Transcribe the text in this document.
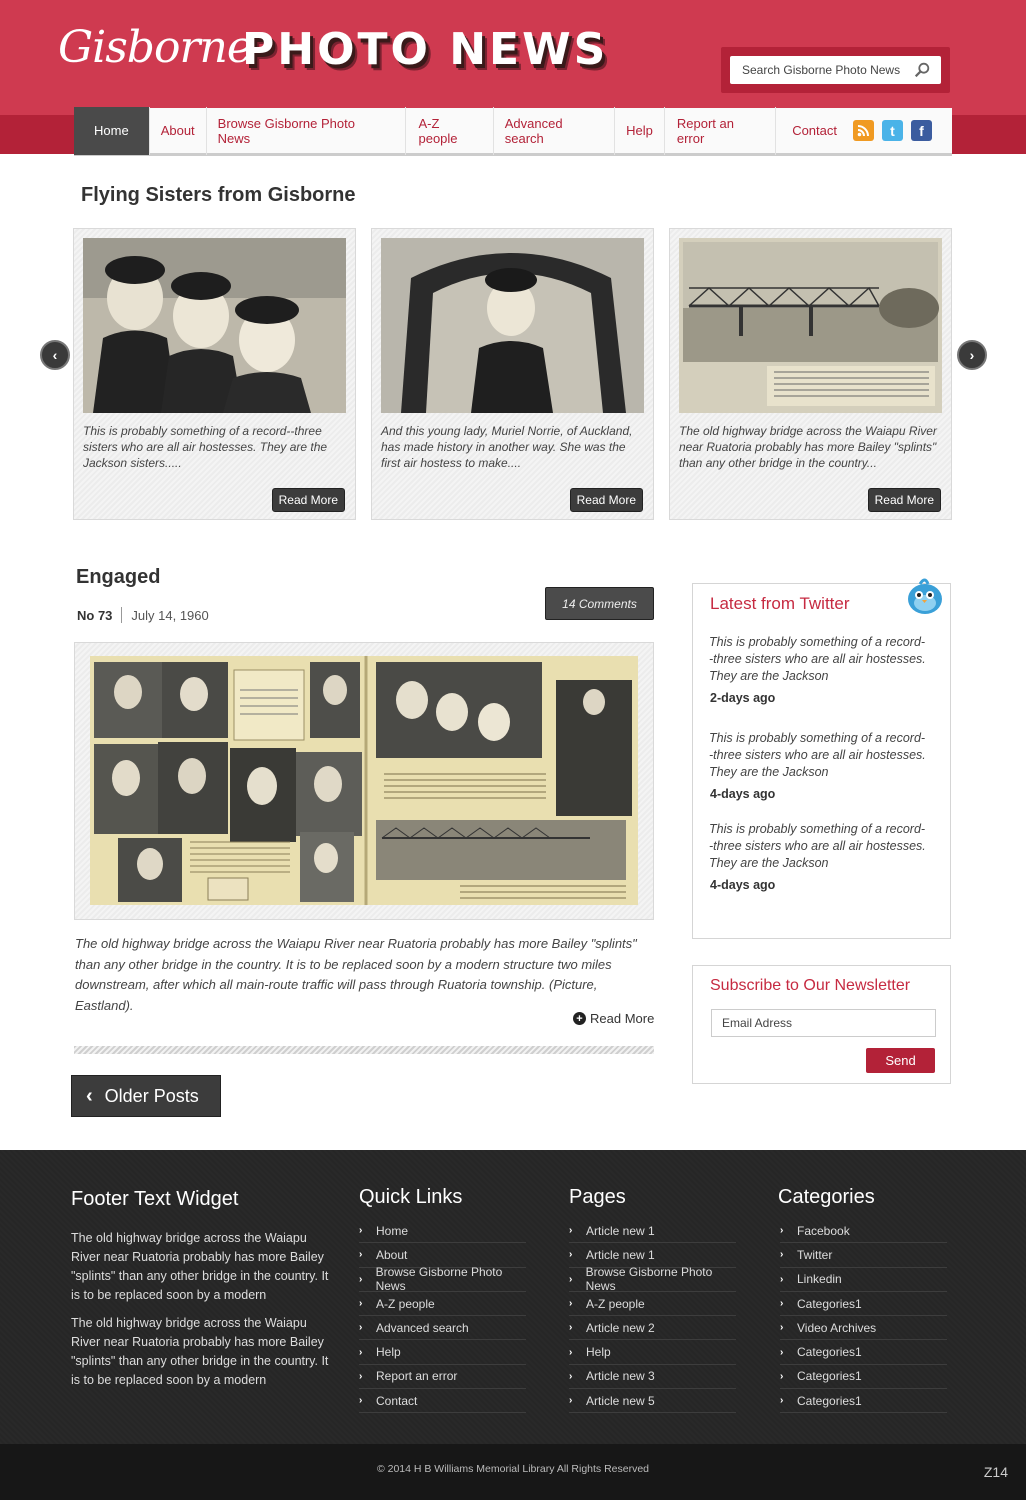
Gisborne
PHOTO NEWS	Search Gisborne Photo News
Home	About	Browse Gisborne Photo News
A-Z people
Advanced search	Help	Report an error	Contact	t	f
Flying Sisters from Gisborne
‹	›
This is probably something of a record--three sisters who are all air hostesses. They are the Jackson sisters.....
Read More
And this young lady, Muriel Norrie, of Auckland, has made history in another way. She was the first air hostess to make....
Read More
The old highway bridge across the Waiapu River near Ruatoria probably has more Bailey "splints" than any other bridge in the country...
Read More
Engaged
No 73 July 14, 1960
14 Comments
The old highway bridge across the Waiapu River near Ruatoria probably has more Bailey "splints" than any other bridge in the country. It is to be replaced soon by a modern structure two miles downstream, after which all main-route traffic will pass through Ruatoria township. (Picture, Eastland).
+ Read More
‹ Older Posts
Latest from Twitter
This is probably something of a record--three sisters who are all air hostesses. They are the Jackson
2-days ago
This is probably something of a record--three sisters who are all air hostesses. They are the Jackson
4-days ago
This is probably something of a record--three sisters who are all air hostesses. They are the Jackson
4-days ago
Subscribe to Our Newsletter
Email Adress
Send
Footer Text Widget
The old highway bridge across the Waiapu River near Ruatoria probably has more Bailey "splints" than any other bridge in the country. It is to be replaced soon by a modern
The old highway bridge across the Waiapu River near Ruatoria probably has more Bailey "splints" than any other bridge in the country. It is to be replaced soon by a modern
Quick Links
›	Home
›	About
› Browse Gisborne Photo News
›	A-Z people
›	Advanced search
›	Help
›	Report an error
›	Contact
Pages
›	Article new 1
›	Article new 1
› Browse Gisborne Photo News
›	A-Z people
›	Article new 2
›	Help
›	Article new 3
›	Article new 5
Categories
›	Facebook
›	Twitter
›	Linkedin
›	Categories1
›	Video Archives
›	Categories1
›	Categories1
›	Categories1
© 2014 H B Williams Memorial Library All Rights Reserved	Z14
